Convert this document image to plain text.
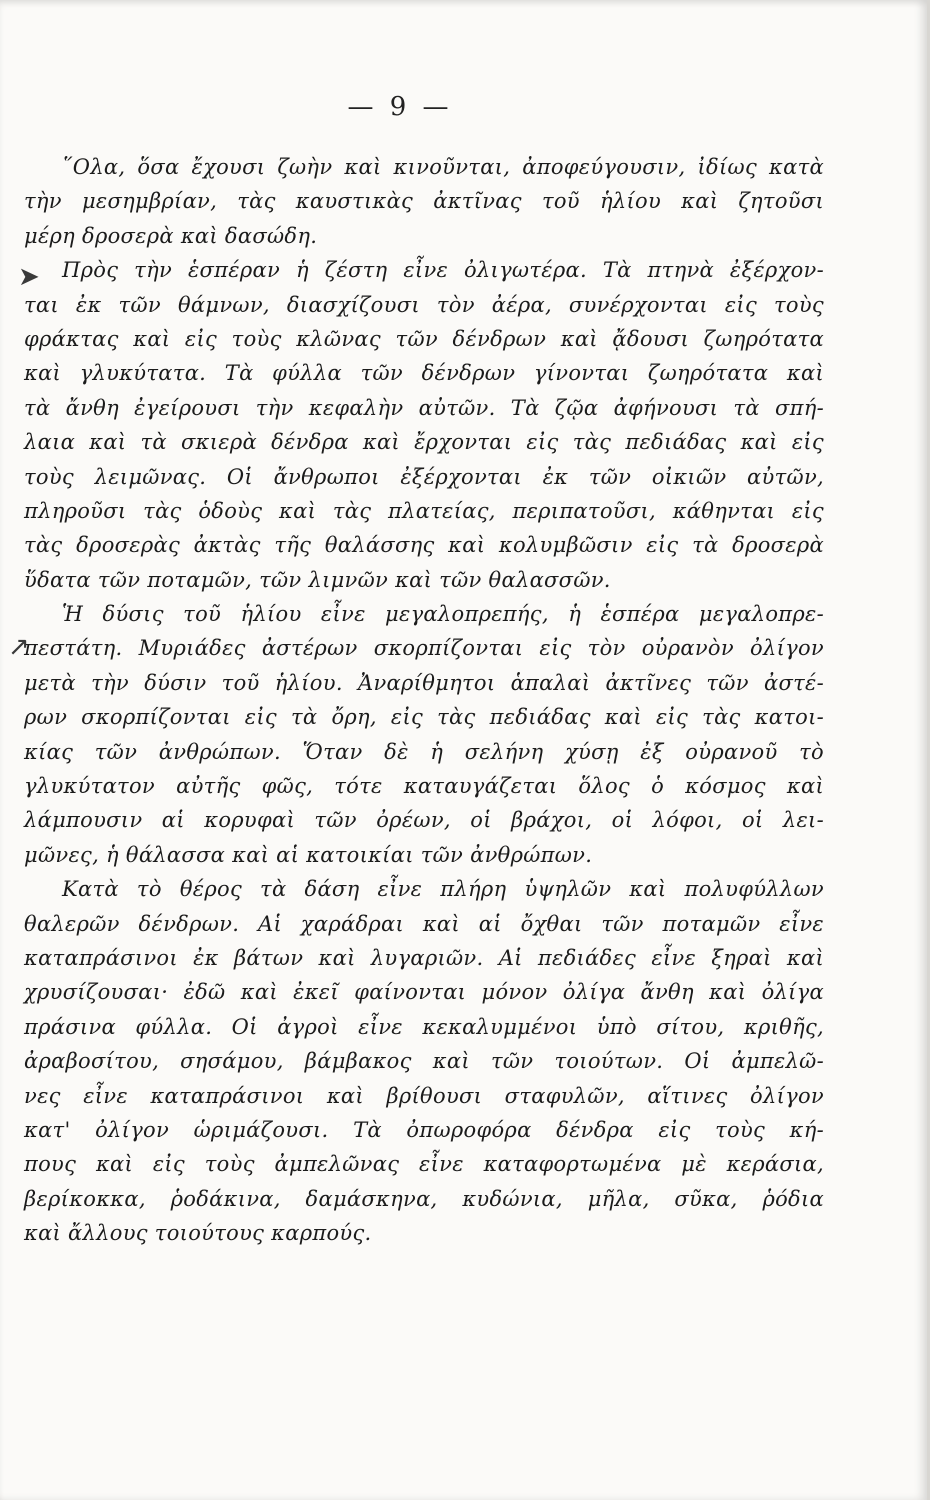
— 9 —
➤
↗
῞Ολα, ὅσα ἔχουσι ζωὴν καὶ κινοῦνται, ἀποφεύγουσιν, ἰδίως κατὰ
τὴν μεσημβρίαν, τὰς καυστικὰς ἀκτῖνας τοῦ ἡλίου καὶ ζητοῦσι
μέρη δροσερὰ καὶ δασώδη.
Πρὸς τὴν ἑσπέραν ἡ ζέστη εἶνε ὀλιγωτέρα. Τὰ πτηνὰ ἐξέρχον-
ται ἐκ τῶν θάμνων, διασχίζουσι τὸν ἀέρα, συνέρχονται εἰς τοὺς
φράκτας καὶ εἰς τοὺς κλῶνας τῶν δένδρων καὶ ᾄδουσι ζωηρότατα
καὶ γλυκύτατα. Τὰ φύλλα τῶν δένδρων γίνονται ζωηρότατα καὶ
τὰ ἄνθη ἐγείρουσι τὴν κεφαλὴν αὐτῶν. Τὰ ζῷα ἀφήνουσι τὰ σπή-
λαια καὶ τὰ σκιερὰ δένδρα καὶ ἔρχονται εἰς τὰς πεδιάδας καὶ εἰς
τοὺς λειμῶνας. Οἱ ἄνθρωποι ἐξέρχονται ἐκ τῶν οἰκιῶν αὐτῶν,
πληροῦσι τὰς ὁδοὺς καὶ τὰς πλατείας, περιπατοῦσι, κάθηνται εἰς
τὰς δροσερὰς ἀκτὰς τῆς θαλάσσης καὶ κολυμβῶσιν εἰς τὰ δροσερὰ
ὕδατα τῶν ποταμῶν, τῶν λιμνῶν καὶ τῶν θαλασσῶν.
Ἡ δύσις τοῦ ἡλίου εἶνε μεγαλοπρεπής, ἡ ἑσπέρα μεγαλοπρε-
πεστάτη. Μυριάδες ἀστέρων σκορπίζονται εἰς τὸν οὐρανὸν ὀλίγον
μετὰ τὴν δύσιν τοῦ ἡλίου. Ἀναρίθμητοι ἁπαλαὶ ἀκτῖνες τῶν ἀστέ-
ρων σκορπίζονται εἰς τὰ ὄρη, εἰς τὰς πεδιάδας καὶ εἰς τὰς κατοι-
κίας τῶν ἀνθρώπων. Ὅταν δὲ ἡ σελήνη χύσῃ ἐξ οὐρανοῦ τὸ
γλυκύτατον αὐτῆς φῶς, τότε καταυγάζεται ὅλος ὁ κόσμος καὶ
λάμπουσιν αἱ κορυφαὶ τῶν ὀρέων, οἱ βράχοι, οἱ λόφοι, οἱ λει-
μῶνες, ἡ θάλασσα καὶ αἱ κατοικίαι τῶν ἀνθρώπων.
Κατὰ τὸ θέρος τὰ δάση εἶνε πλήρη ὑψηλῶν καὶ πολυφύλλων
θαλερῶν δένδρων. Αἱ χαράδραι καὶ αἱ ὄχθαι τῶν ποταμῶν εἶνε
καταπράσινοι ἐκ βάτων καὶ λυγαριῶν. Αἱ πεδιάδες εἶνε ξηραὶ καὶ
χρυσίζουσαι· ἐδῶ καὶ ἐκεῖ φαίνονται μόνον ὀλίγα ἄνθη καὶ ὀλίγα
πράσινα φύλλα. Οἱ ἀγροὶ εἶνε κεκαλυμμένοι ὑπὸ σίτου, κριθῆς,
ἀραβοσίτου, σησάμου, βάμβακος καὶ τῶν τοιούτων. Οἱ ἀμπελῶ-
νες εἶνε καταπράσινοι καὶ βρίθουσι σταφυλῶν, αἵτινες ὀλίγον
κατ' ὀλίγον ὡριμάζουσι. Τὰ ὀπωροφόρα δένδρα εἰς τοὺς κή-
πους καὶ εἰς τοὺς ἀμπελῶνας εἶνε καταφορτωμένα μὲ κεράσια,
βερίκοκκα, ῥοδάκινα, δαμάσκηνα, κυδώνια, μῆλα, σῦκα, ῥόδια
καὶ ἄλλους τοιούτους καρπούς.
